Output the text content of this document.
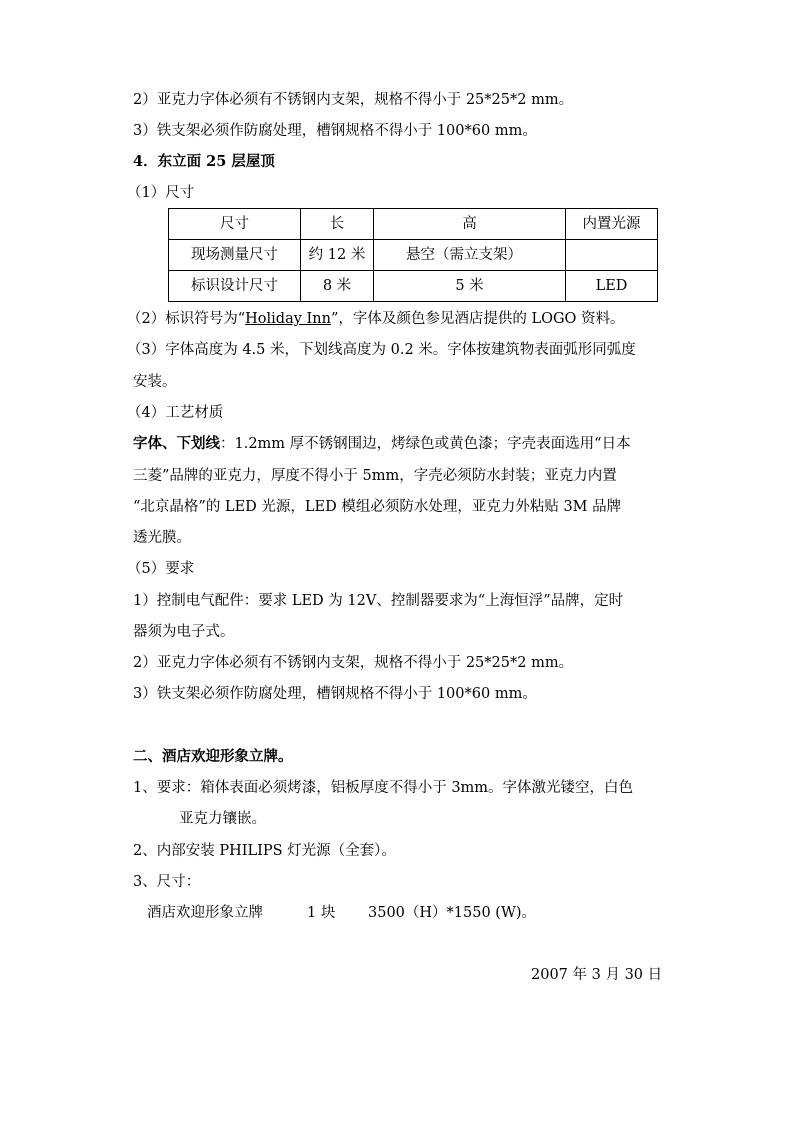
2）亚克力字体必须有不锈钢内支架，规格不得小于 25*25*2 mm。
3）铁支架必须作防腐处理，槽钢规格不得小于 100*60 mm。
4．东立面 25 层屋顶
（1）尺寸
尺寸	长	高	内置光源
现场测量尺寸	约 12 米	悬空（需立支架）	
标识设计尺寸	8 米	5 米	LED
（2）标识符号为“Holiday Inn”，字体及颜色参见酒店提供的 LOGO 资料。
（3）字体高度为 4.5 米，下划线高度为 0.2 米。字体按建筑物表面弧形同弧度
安装。
（4）工艺材质
字体、下划线：1.2mm 厚不锈钢围边，烤绿色或黄色漆；字壳表面选用“日本
三菱”品牌的亚克力，厚度不得小于 5mm，字壳必须防水封装；亚克力内置
“北京晶格”的 LED 光源，LED 模组必须防水处理，亚克力外粘贴 3M 品牌
透光膜。
（5）要求
1）控制电气配件：要求 LED 为 12V、控制器要求为“上海恒浮”品牌，定时
器须为电子式。
2）亚克力字体必须有不锈钢内支架，规格不得小于 25*25*2 mm。
3）铁支架必须作防腐处理，槽钢规格不得小于 100*60 mm。
二、酒店欢迎形象立牌。
1、要求：箱体表面必须烤漆，铝板厚度不得小于 3mm。字体激光镂空，白色
亚克力镶嵌。
2、内部安装 PHILIPS 灯光源（全套）。
3、尺寸：
酒店欢迎形象立牌	1 块 3500（H）*1550 (W)。
2007 年 3 月 30 日
